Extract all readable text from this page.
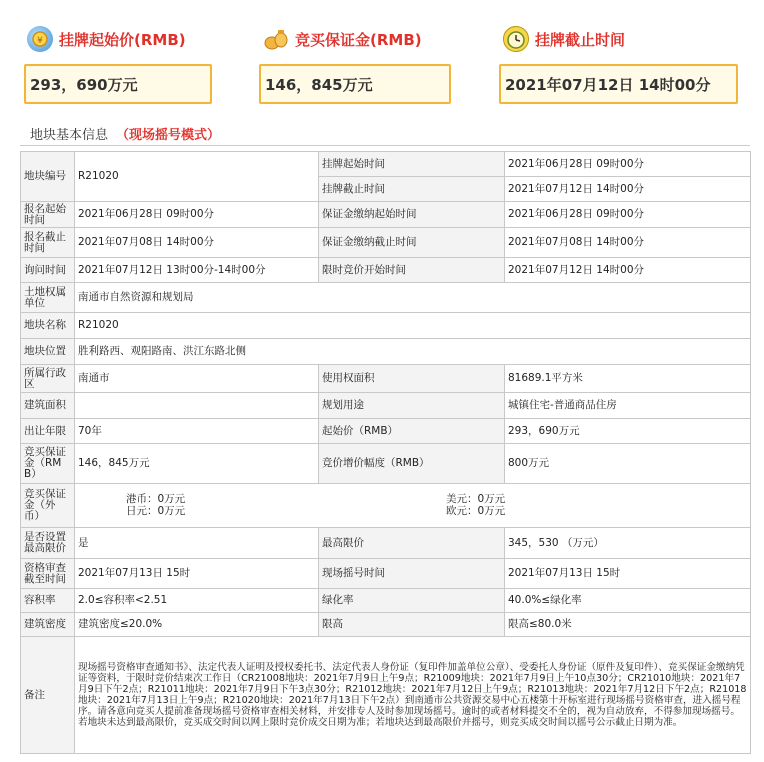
¥ 挂牌起始价(RMB)	竞买保证金(RMB)	挂牌截止时间
293，690万元	146，845万元	2021年07月12日 14时00分
地块基本信息 （现场摇号模式）
地块编号	R21020	挂牌起始时间	2021年06月28日 09时00分
		挂牌截止时间	2021年07月12日 14时00分
报名起始时间	2021年06月28日 09时00分	保证金缴纳起始时间	2021年06月28日 09时00分
报名截止时间	2021年07月08日 14时00分	保证金缴纳截止时间	2021年07月08日 14时00分
询问时间	2021年07月12日 13时00分-14时00分	限时竞价开始时间	2021年07月12日 14时00分
土地权属单位	南通市自然资源和规划局		
地块名称	R21020		
地块位置	胜利路西、观阳路南、洪江东路北侧		
所属行政区	南通市	使用权面积	81689.1平方米
建筑面积		规划用途	城镇住宅-普通商品住房
出让年限	70年	起始价（RMB）	293，690万元
竞买保证金（RMB）	146，845万元	竞价增价幅度（RMB）	800万元
竞买保证金（外币）	港币：0万元 美元：0万元
日元：0万元 欧元：0万元		

是否设置最高限价	是	最高限价	345，530 （万元）
资格审查截至时间	2021年07月13日 15时	现场摇号时间	2021年07月13日 15时
容积率	2.0≤容积率<2.51	绿化率	40.0%≤绿化率
建筑密度	建筑密度≤20.0%	限高	限高≤80.0米
备注	现场摇号资格审查通知书》、法定代表人证明及授权委托书、法定代表人身份证（复印件加盖单位公章）、受委托人身份证（原件及复印件）、竞买保证金缴纳凭证等资料，于限时竞价结束次工作日（CR21008地块：2021年7月9日上午9点；R21009地块：2021年7月9日上午10点30分；CR21010地块：2021年7月9日下午2点；R21011地块：2021年7月9日下午3点30分；R21012地块：2021年7月12日上午9点；R21013地块：2021年7月12日下午2点；R21018地块：2021年7月13日上午9点；R21020地块：2021年7月13日下午2点）到南通市公共资源交易中心五楼第十开标室进行现场摇号资格审查，进入摇号程序。请各意向竞买人提前准备现场摇号资格审查相关材料，并安排专人及时参加现场摇号。逾时的或者材料提交不全的，视为自动放弃，不得参加现场摇号。若地块未达到最高限价，竞买成交时间以网上限时竞价成交日期为准；若地块达到最高限价并摇号，则竞买成交时间以摇号公示截止日期为准。		
